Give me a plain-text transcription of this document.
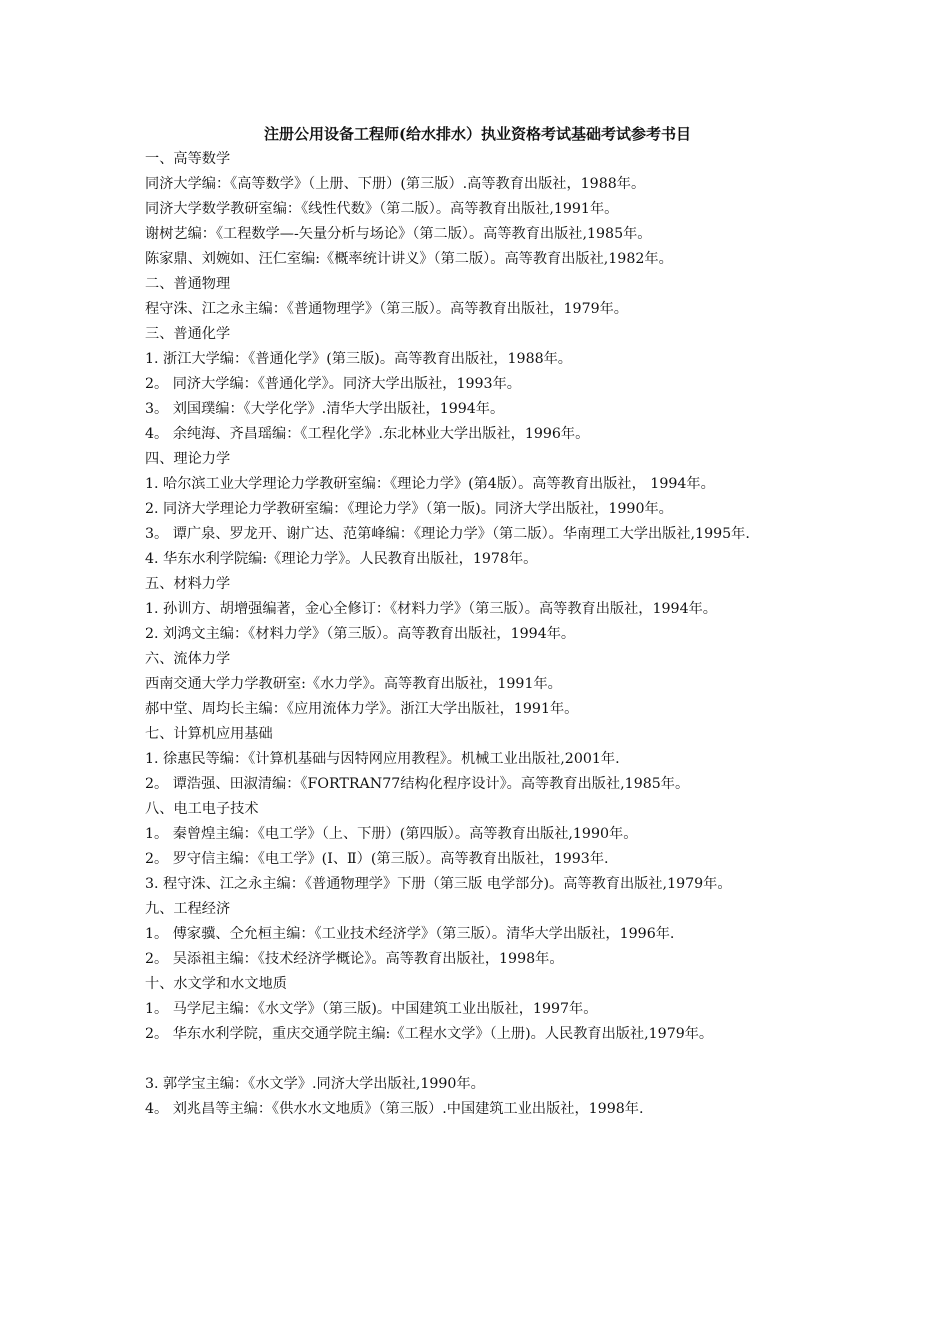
注册公用设备工程师(给水排水）执业资格考试基础考试参考书目

一、高等数学

同济大学编：《高等数学》（上册、下册）(第三版）.高等教育出版社，1988年。

同济大学数学教研室编：《线性代数》（第二版）。高等教育出版社,1991年。

谢树艺编：《工程数学—-矢量分析与场论》（第二版）。高等教育出版社,1985年。

陈家鼎、刘婉如、汪仁室编:《概率统计讲义》（第二版）。高等教育出版社,1982年。

二、普通物理

程守洙、江之永主编：《普通物理学》（第三版）。高等教育出版社，1979年。

三、普通化学

1. 浙江大学编：《普通化学》(第三版)。高等教育出版社，1988年。

2。 同济大学编：《普通化学》。同济大学出版社，1993年。

3。 刘国璞编：《大学化学》.清华大学出版社，1994年。

4。 余纯海、齐昌瑶编：《工程化学》.东北林业大学出版社，1996年。

四、理论力学

1. 哈尔滨工业大学理论力学教研室编：《理论力学》(第4版）。高等教育出版社， 1994年。

2. 同济大学理论力学教研室编：《理论力学》（第一版)。同济大学出版社，1990年。

3。 谭广泉、罗龙开、谢广达、范第峰编：《理论力学》（第二版）。华南理工大学出版社,1995年.

4. 华东水利学院编:《理论力学》。人民教育出版社，1978年。

五、材料力学

1. 孙训方、胡增强编著，金心全修订：《材料力学》（第三版）。高等教育出版社，1994年。

2. 刘鸿文主编：《材料力学》（第三版）。高等教育出版社，1994年。

六、流体力学

西南交通大学力学教研室:《水力学》。高等教育出版社，1991年。

郝中堂、周均长主编：《应用流体力学》。浙江大学出版社，1991年。

七、计算机应用基础

1. 徐惠民等编：《计算机基础与因特网应用教程》。机械工业出版社,2001年.

2。 谭浩强、田淑清编：《FORTRAN77结构化程序设计》。高等教育出版社,1985年。

八、电工电子技术

1。 秦曾煌主编：《电工学》（上、下册）(第四版）。高等教育出版社,1990年。

2。 罗守信主编：《电工学》(Ⅰ、Ⅱ）(第三版）。高等教育出版社，1993年.

3. 程守洙、江之永主编：《普通物理学》下册（第三版 电学部分)。高等教育出版社,1979年。

九、工程经济

1。 傅家骥、仝允桓主编：《工业技术经济学》（第三版）。清华大学出版社，1996年.

2。 吴添祖主编：《技术经济学概论》。高等教育出版社，1998年。

十、水文学和水文地质

1。 马学尼主编：《水文学》（第三版)。中国建筑工业出版社，1997年。

2。 华东水利学院，重庆交通学院主编:《工程水文学》（上册)。人民教育出版社,1979年。

3. 郭学宝主编：《水文学》.同济大学出版社,1990年。

4。 刘兆昌等主编：《供水水文地质》（第三版）.中国建筑工业出版社，1998年.
